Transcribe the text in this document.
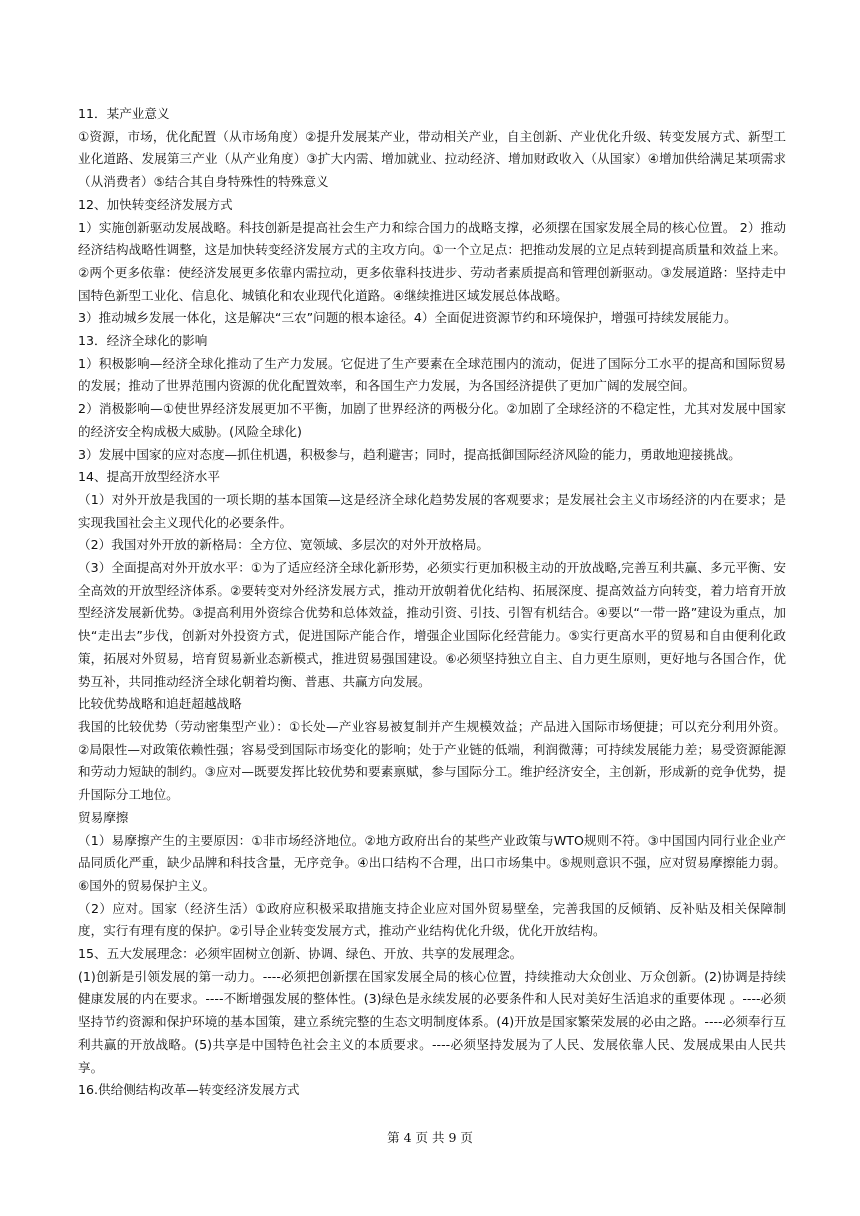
11．某产业意义

①资源，市场，优化配置（从市场角度）②提升发展某产业，带动相关产业，自主创新、产业优化升级、转变发展方式、新型工业化道路、发展第三产业（从产业角度）③扩大内需、增加就业、拉动经济、增加财政收入（从国家）④增加供给满足某项需求（从消费者）⑤结合其自身特殊性的特殊意义

12、加快转变经济发展方式

1）实施创新驱动发展战略。科技创新是提高社会生产力和综合国力的战略支撑，必须摆在国家发展全局的核心位置。 2）推动经济结构战略性调整，这是加快转变经济发展方式的主攻方向。①一个立足点：把推动发展的立足点转到提高质量和效益上来。②两个更多依靠：使经济发展更多依靠内需拉动，更多依靠科技进步、劳动者素质提高和管理创新驱动。③发展道路：坚持走中国特色新型工业化、信息化、城镇化和农业现代化道路。④继续推进区域发展总体战略。

3）推动城乡发展一体化，这是解决“三农”问题的根本途径。4）全面促进资源节约和环境保护，增强可持续发展能力。

13．经济全球化的影响

1）积极影响—经济全球化推动了生产力发展。它促进了生产要素在全球范围内的流动，促进了国际分工水平的提高和国际贸易的发展；推动了世界范围内资源的优化配置效率，和各国生产力发展，为各国经济提供了更加广阔的发展空间。

2）消极影响—①使世界经济发展更加不平衡，加剧了世界经济的两极分化。②加剧了全球经济的不稳定性，尤其对发展中国家的经济安全构成极大威胁。(风险全球化)

3）发展中国家的应对态度—抓住机遇，积极参与，趋利避害；同时，提高抵御国际经济风险的能力，勇敢地迎接挑战。

14、提高开放型经济水平

（1）对外开放是我国的一项长期的基本国策—这是经济全球化趋势发展的客观要求；是发展社会主义市场经济的内在要求；是实现我国社会主义现代化的必要条件。

（2）我国对外开放的新格局：全方位、宽领域、多层次的对外开放格局。

（3）全面提高对外开放水平：①为了适应经济全球化新形势，必须实行更加积极主动的开放战略,完善互利共赢、多元平衡、安全高效的开放型经济体系。②要转变对外经济发展方式，推动开放朝着优化结构、拓展深度、提高效益方向转变，着力培育开放型经济发展新优势。③提高利用外资综合优势和总体效益，推动引资、引技、引智有机结合。④要以“一带一路”建设为重点，加快“走出去”步伐，创新对外投资方式，促进国际产能合作，增强企业国际化经营能力。⑤实行更高水平的贸易和自由便利化政策，拓展对外贸易，培育贸易新业态新模式，推进贸易强国建设。⑥必须坚持独立自主、自力更生原则，更好地与各国合作，优势互补，共同推动经济全球化朝着均衡、普惠、共赢方向发展。

比较优势战略和追赶超越战略

我国的比较优势（劳动密集型产业）：①长处—产业容易被复制并产生规模效益；产品进入国际市场便捷；可以充分利用外资。②局限性—对政策依赖性强；容易受到国际市场变化的影响；处于产业链的低端，利润微薄；可持续发展能力差；易受资源能源和劳动力短缺的制约。③应对—既要发挥比较优势和要素禀赋，参与国际分工。维护经济安全，主创新，形成新的竞争优势，提升国际分工地位。

贸易摩擦

（1）易摩擦产生的主要原因：①非市场经济地位。②地方政府出台的某些产业政策与WTO规则不符。③中国国内同行业企业产品同质化严重，缺少品牌和科技含量，无序竞争。④出口结构不合理，出口市场集中。⑤规则意识不强，应对贸易摩擦能力弱。⑥国外的贸易保护主义。

（2）应对。国家（经济生活）①政府应积极采取措施支持企业应对国外贸易壁垒，完善我国的反倾销、反补贴及相关保障制度，实行有理有度的保护。②引导企业转变发展方式，推动产业结构优化升级，优化开放结构。

15、五大发展理念：必须牢固树立创新、协调、绿色、开放、共享的发展理念。

(1)创新是引领发展的第一动力。----必须把创新摆在国家发展全局的核心位置，持续推动大众创业、万众创新。(2)协调是持续健康发展的内在要求。----不断增强发展的整体性。(3)绿色是永续发展的必要条件和人民对美好生活追求的重要体现 。----必须坚持节约资源和保护环境的基本国策，建立系统完整的生态文明制度体系。(4)开放是国家繁荣发展的必由之路。----必须奉行互利共赢的开放战略。(5)共享是中国特色社会主义的本质要求。----必须坚持发展为了人民、发展依靠人民、发展成果由人民共享。

16.供给侧结构改革—转变经济发展方式

第 4 页 共 9 页
